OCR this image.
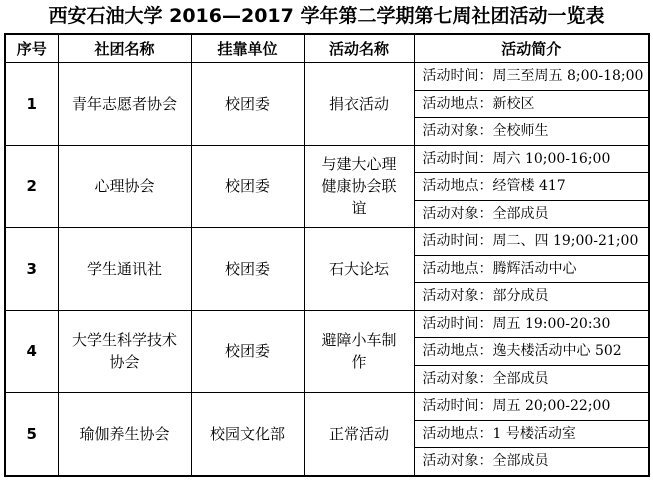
西安石油大学 2016—2017 学年第二学期第七周社团活动一览表
序号	社团名称	挂靠单位	活动名称	活动简介
1	青年志愿者协会	校团委	捐衣活动	活动时间：周三至周五 8;00-18;00
				活动地点：新校区
				活动对象：全校师生
2	心理协会	校团委	与建大心理健康协会联谊	活动时间：周六 10;00-16;00
				活动地点：经管楼 417
				活动对象：全部成员
3	学生通讯社	校团委	石大论坛	活动时间：周二、四 19;00-21;00
				活动地点：腾辉活动中心
				活动对象：部分成员
4	大学生科学技术协会	校团委	避障小车制作	活动时间：周五 19:00-20:30
				活动地点：逸夫楼活动中心 502
				活动对象：全部成员
5	瑜伽养生协会	校园文化部	正常活动	活动时间：周五 20;00-22;00
				活动地点：1 号楼活动室
				活动对象：全部成员
